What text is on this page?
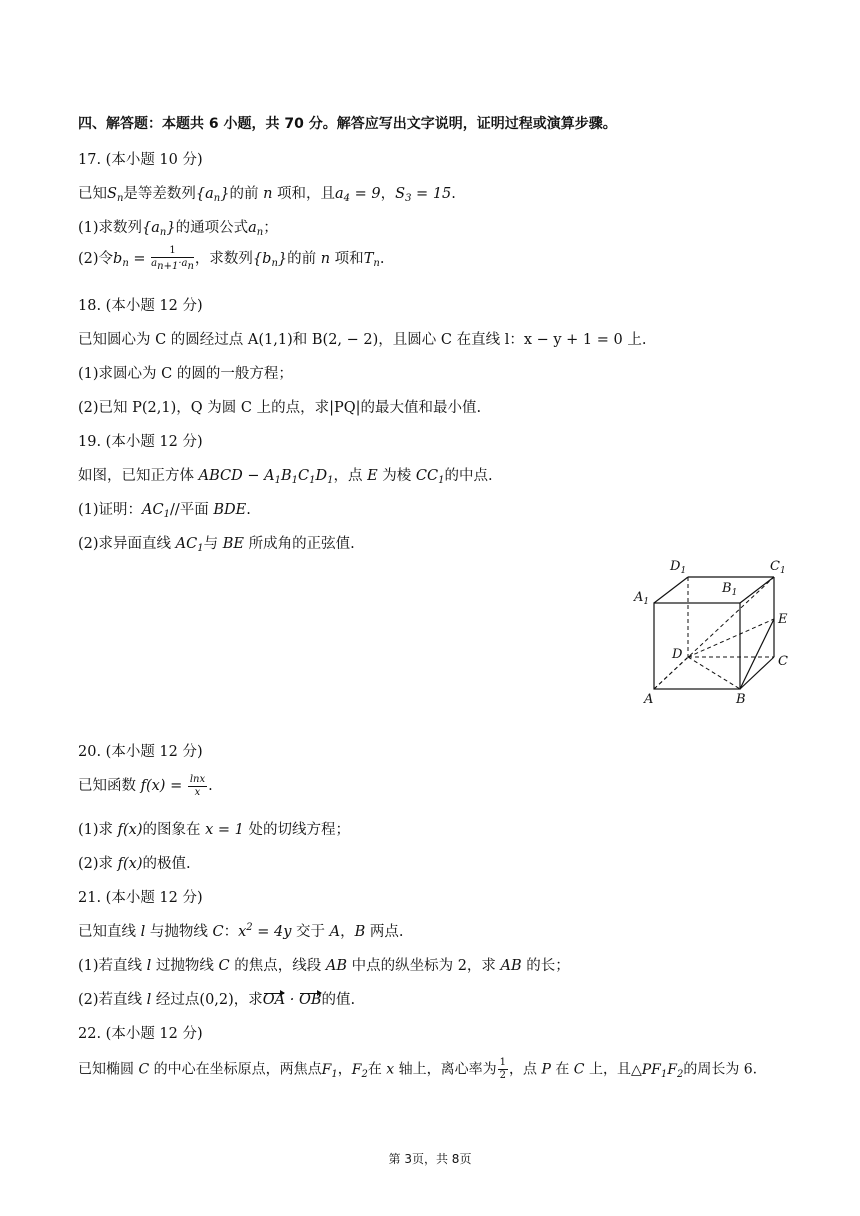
四、解答题：本题共 6 小题，共 70 分。解答应写出文字说明，证明过程或演算步骤。
17. (本小题 10 分)
已知$S_n$是等差数列$\{a_n\}$的前 n 项和，且$a_4 = 9$，$S_3 = 15$.
(1)求数列$\{a_n\}$的通项公式$a_n$；
(2)令$b_n = \frac{1}{an+1\cdot an}$ ，求数列$\{b_n\}$的前 n 项和$T_n$.
18. (本小题 12 分)
已知圆心为 C 的圆经过点 A(1,1)和 B(2, − 2)，且圆心 C 在直线 l：x − y + 1 = 0 上.
(1)求圆心为 C 的圆的一般方程；
(2)已知 P(2,1)，Q 为圆 C 上的点，求|PQ|的最大值和最小值.
19. (本小题 12 分)
如图，已知正方体 ABCD − $A_1B_1C_1D_1$，点 E 为棱 $CC_1$的中点.
(1)证明：$AC_1//$平面 BDE.
(2)求异面直线 $AC_1$与 BE 所成角的正弦值.
$D_1$	$C_1$
$A_1$
$B_1$
E
D	C
A	B
20. (本小题 12 分)
已知函数 $f(x) = \frac{\ln x}{x}$ .
(1)求 f(x)的图象在 x = 1 处的切线方程；
(2)求 f(x)的极值.
21. (本小题 12 分)
已知直线 l 与抛物线 C：$x^2 = 4y$ 交于 A，B 两点.
(1)若直线 l 过抛物线 C 的焦点，线段 AB 中点的纵坐标为 2，求 AB 的长；
(2)若直线 l 经过点(0,2)，求OA · OB的值.
22. (本小题 12 分)
已知椭圆 C 的中心在坐标原点，两焦点$F_1$，$F_2$在 x 轴上，离心率为 $\frac{1}{2}$ ，点 P 在 C 上，且$\triangle PF_1F_2$的周长为 6.
第 3页，共 8页
